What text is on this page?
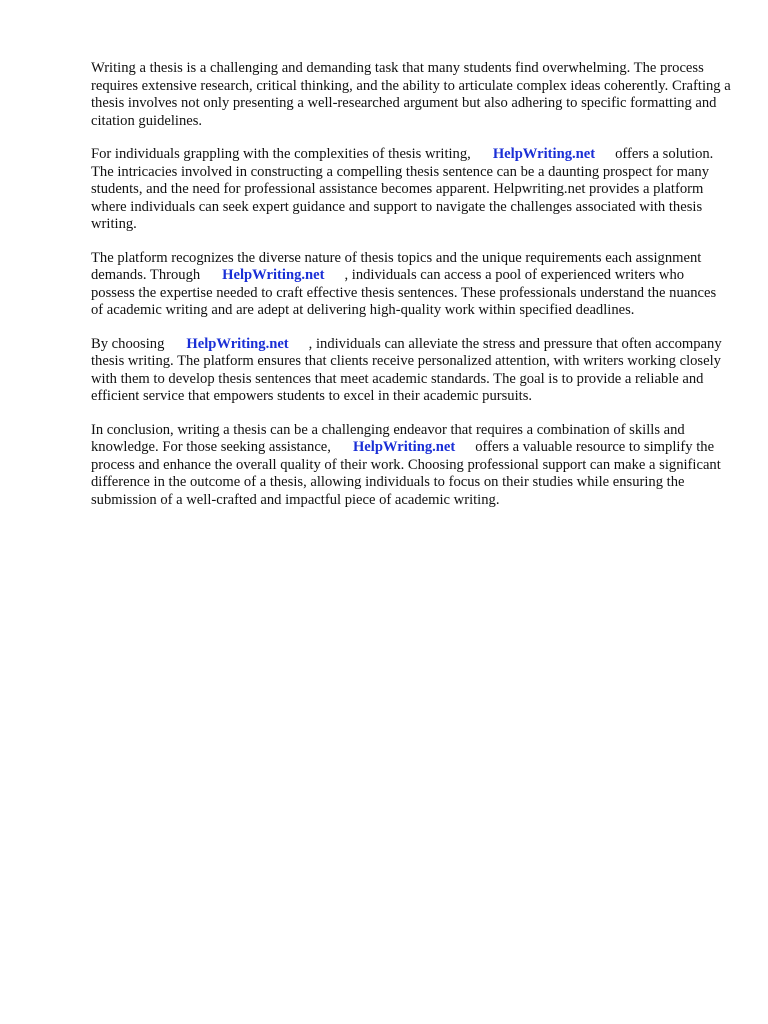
Writing a thesis is a challenging and demanding task that many students find overwhelming. The process requires extensive research, critical thinking, and the ability to articulate complex ideas coherently. Crafting a thesis involves not only presenting a well-researched argument but also adhering to specific formatting and citation guidelines.

For individuals grappling with the complexities of thesis writing, HelpWriting.net offers a solution. The intricacies involved in constructing a compelling thesis sentence can be a daunting prospect for many students, and the need for professional assistance becomes apparent. Helpwriting.net provides a platform where individuals can seek expert guidance and support to navigate the challenges associated with thesis writing.

The platform recognizes the diverse nature of thesis topics and the unique requirements each assignment demands. Through HelpWriting.net , individuals can access a pool of experienced writers who possess the expertise needed to craft effective thesis sentences. These professionals understand the nuances of academic writing and are adept at delivering high-quality work within specified deadlines.

By choosing HelpWriting.net , individuals can alleviate the stress and pressure that often accompany thesis writing. The platform ensures that clients receive personalized attention, with writers working closely with them to develop thesis sentences that meet academic standards. The goal is to provide a reliable and efficient service that empowers students to excel in their academic pursuits.

In conclusion, writing a thesis can be a challenging endeavor that requires a combination of skills and knowledge. For those seeking assistance, HelpWriting.net offers a valuable resource to simplify the process and enhance the overall quality of their work. Choosing professional support can make a significant difference in the outcome of a thesis, allowing individuals to focus on their studies while ensuring the submission of a well-crafted and impactful piece of academic writing.
